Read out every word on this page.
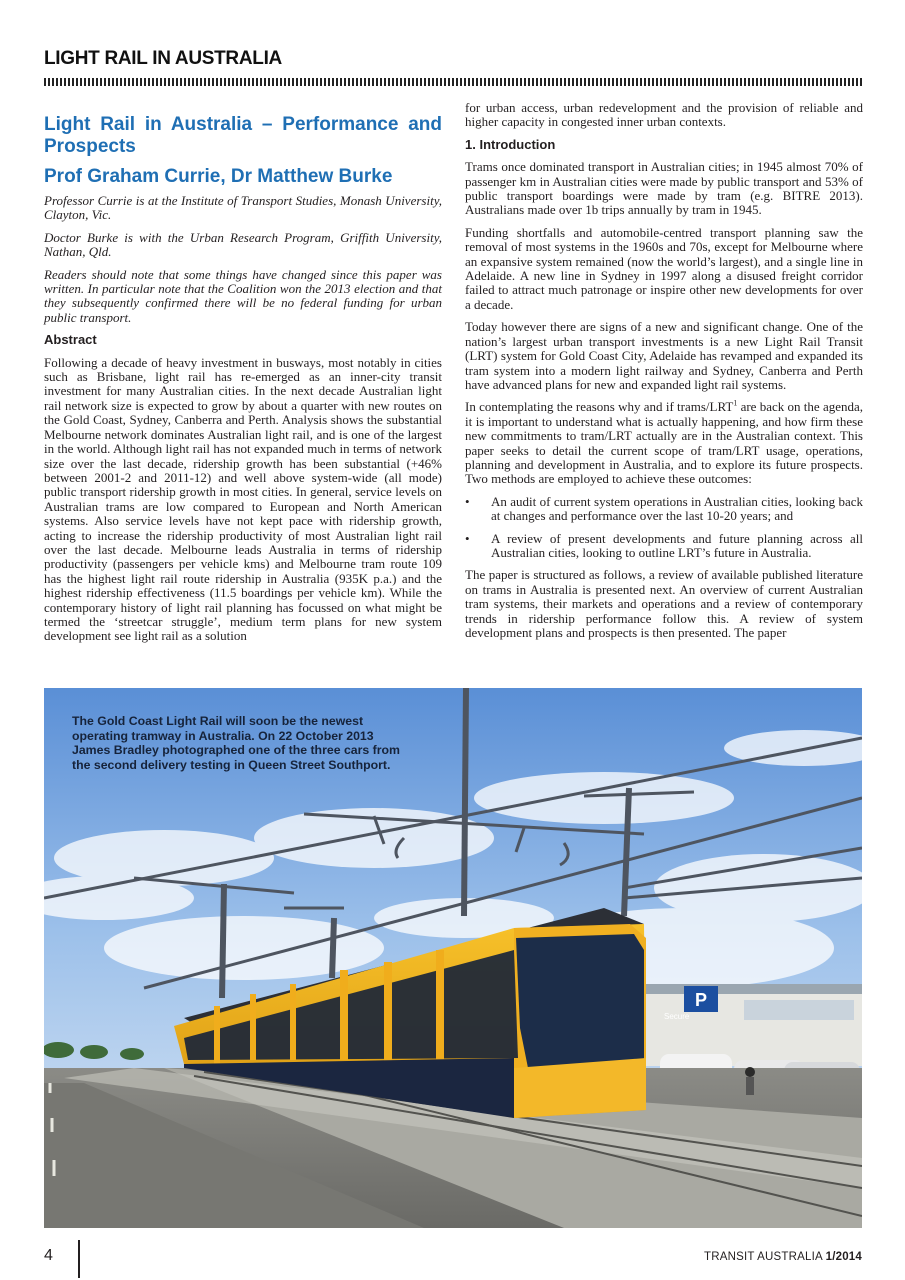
LIGHT RAIL IN AUSTRALIA
Light Rail in Australia – Performance and Prospects
Prof Graham Currie, Dr Matthew Burke

Professor Currie is at the Institute of Transport Studies, Monash University, Clayton, Vic.

Doctor Burke is with the Urban Research Program, Griffith University, Nathan, Qld.

Readers should note that some things have changed since this paper was written. In particular note that the Coalition won the 2013 election and that they subsequently confirmed there will be no federal funding for urban public transport.

Abstract

Following a decade of heavy investment in busways, most notably in cities such as Brisbane, light rail has re-emerged as an inner-city transit investment for many Australian cities. In the next decade Australian light rail network size is expected to grow by about a quarter with new routes on the Gold Coast, Sydney, Canberra and Perth. Analysis shows the substantial Melbourne network dominates Australian light rail, and is one of the largest in the world. Although light rail has not expanded much in terms of network size over the last decade, ridership growth has been substantial (+46% between 2001-2 and 2011-12) and well above system-wide (all mode) public transport ridership growth in most cities. In general, service levels on Australian trams are low compared to European and North American systems. Also service levels have not kept pace with ridership growth, acting to increase the ridership productivity of most Australian light rail over the last decade. Melbourne leads Australia in terms of ridership productivity (passengers per vehicle kms) and Melbourne tram route 109 has the highest light rail route ridership in Australia (935K p.a.) and the highest ridership effectiveness (11.5 boardings per vehicle km). While the contemporary history of light rail planning has focussed on what might be termed the ‘streetcar struggle’, medium term plans for new system development see light rail as a solution

for urban access, urban redevelopment and the provision of reliable and higher capacity in congested inner urban contexts.

1. Introduction

Trams once dominated transport in Australian cities; in 1945 almost 70% of passenger km in Australian cities were made by public transport and 53% of public transport boardings were made by tram (e.g. BITRE 2013). Australians made over 1b trips annually by tram in 1945.

Funding shortfalls and automobile-centred transport planning saw the removal of most systems in the 1960s and 70s, except for Melbourne where an expansive system remained (now the world’s largest), and a single line in Adelaide. A new line in Sydney in 1997 along a disused freight corridor failed to attract much patronage or inspire other new developments for over a decade.

Today however there are signs of a new and significant change. One of the nation’s largest urban transport investments is a new Light Rail Transit (LRT) system for Gold Coast City, Adelaide has revamped and expanded its tram system into a modern light railway and Sydney, Canberra and Perth have advanced plans for new and expanded light rail systems.

In contemplating the reasons why and if trams/LRT$^1$ are back on the agenda, it is important to understand what is actually happening, and how firm these new commitments to tram/LRT actually are in the Australian context. This paper seeks to detail the current scope of tram/LRT usage, operations, planning and development in Australia, and to explore its future prospects. Two methods are employed to achieve these outcomes:

• An audit of current system operations in Australian cities, looking back at changes and performance over the last 10-20 years; and
• A review of present developments and future planning across all Australian cities, looking to outline LRT’s future in Australia.

The paper is structured as follows, a review of available published literature on trams in Australia is presented next. An overview of current Australian tram systems, their markets and operations and a review of contemporary trends in ridership performance follow this. A review of system development plans and prospects is then presented. The paper

P
Secure
The Gold Coast Light Rail will soon be the newest operating tramway in Australia. On 22 October 2013 James Bradley photographed one of the three cars from the second delivery testing in Queen Street Southport.
4	TRANSIT AUSTRALIA 1/2014
